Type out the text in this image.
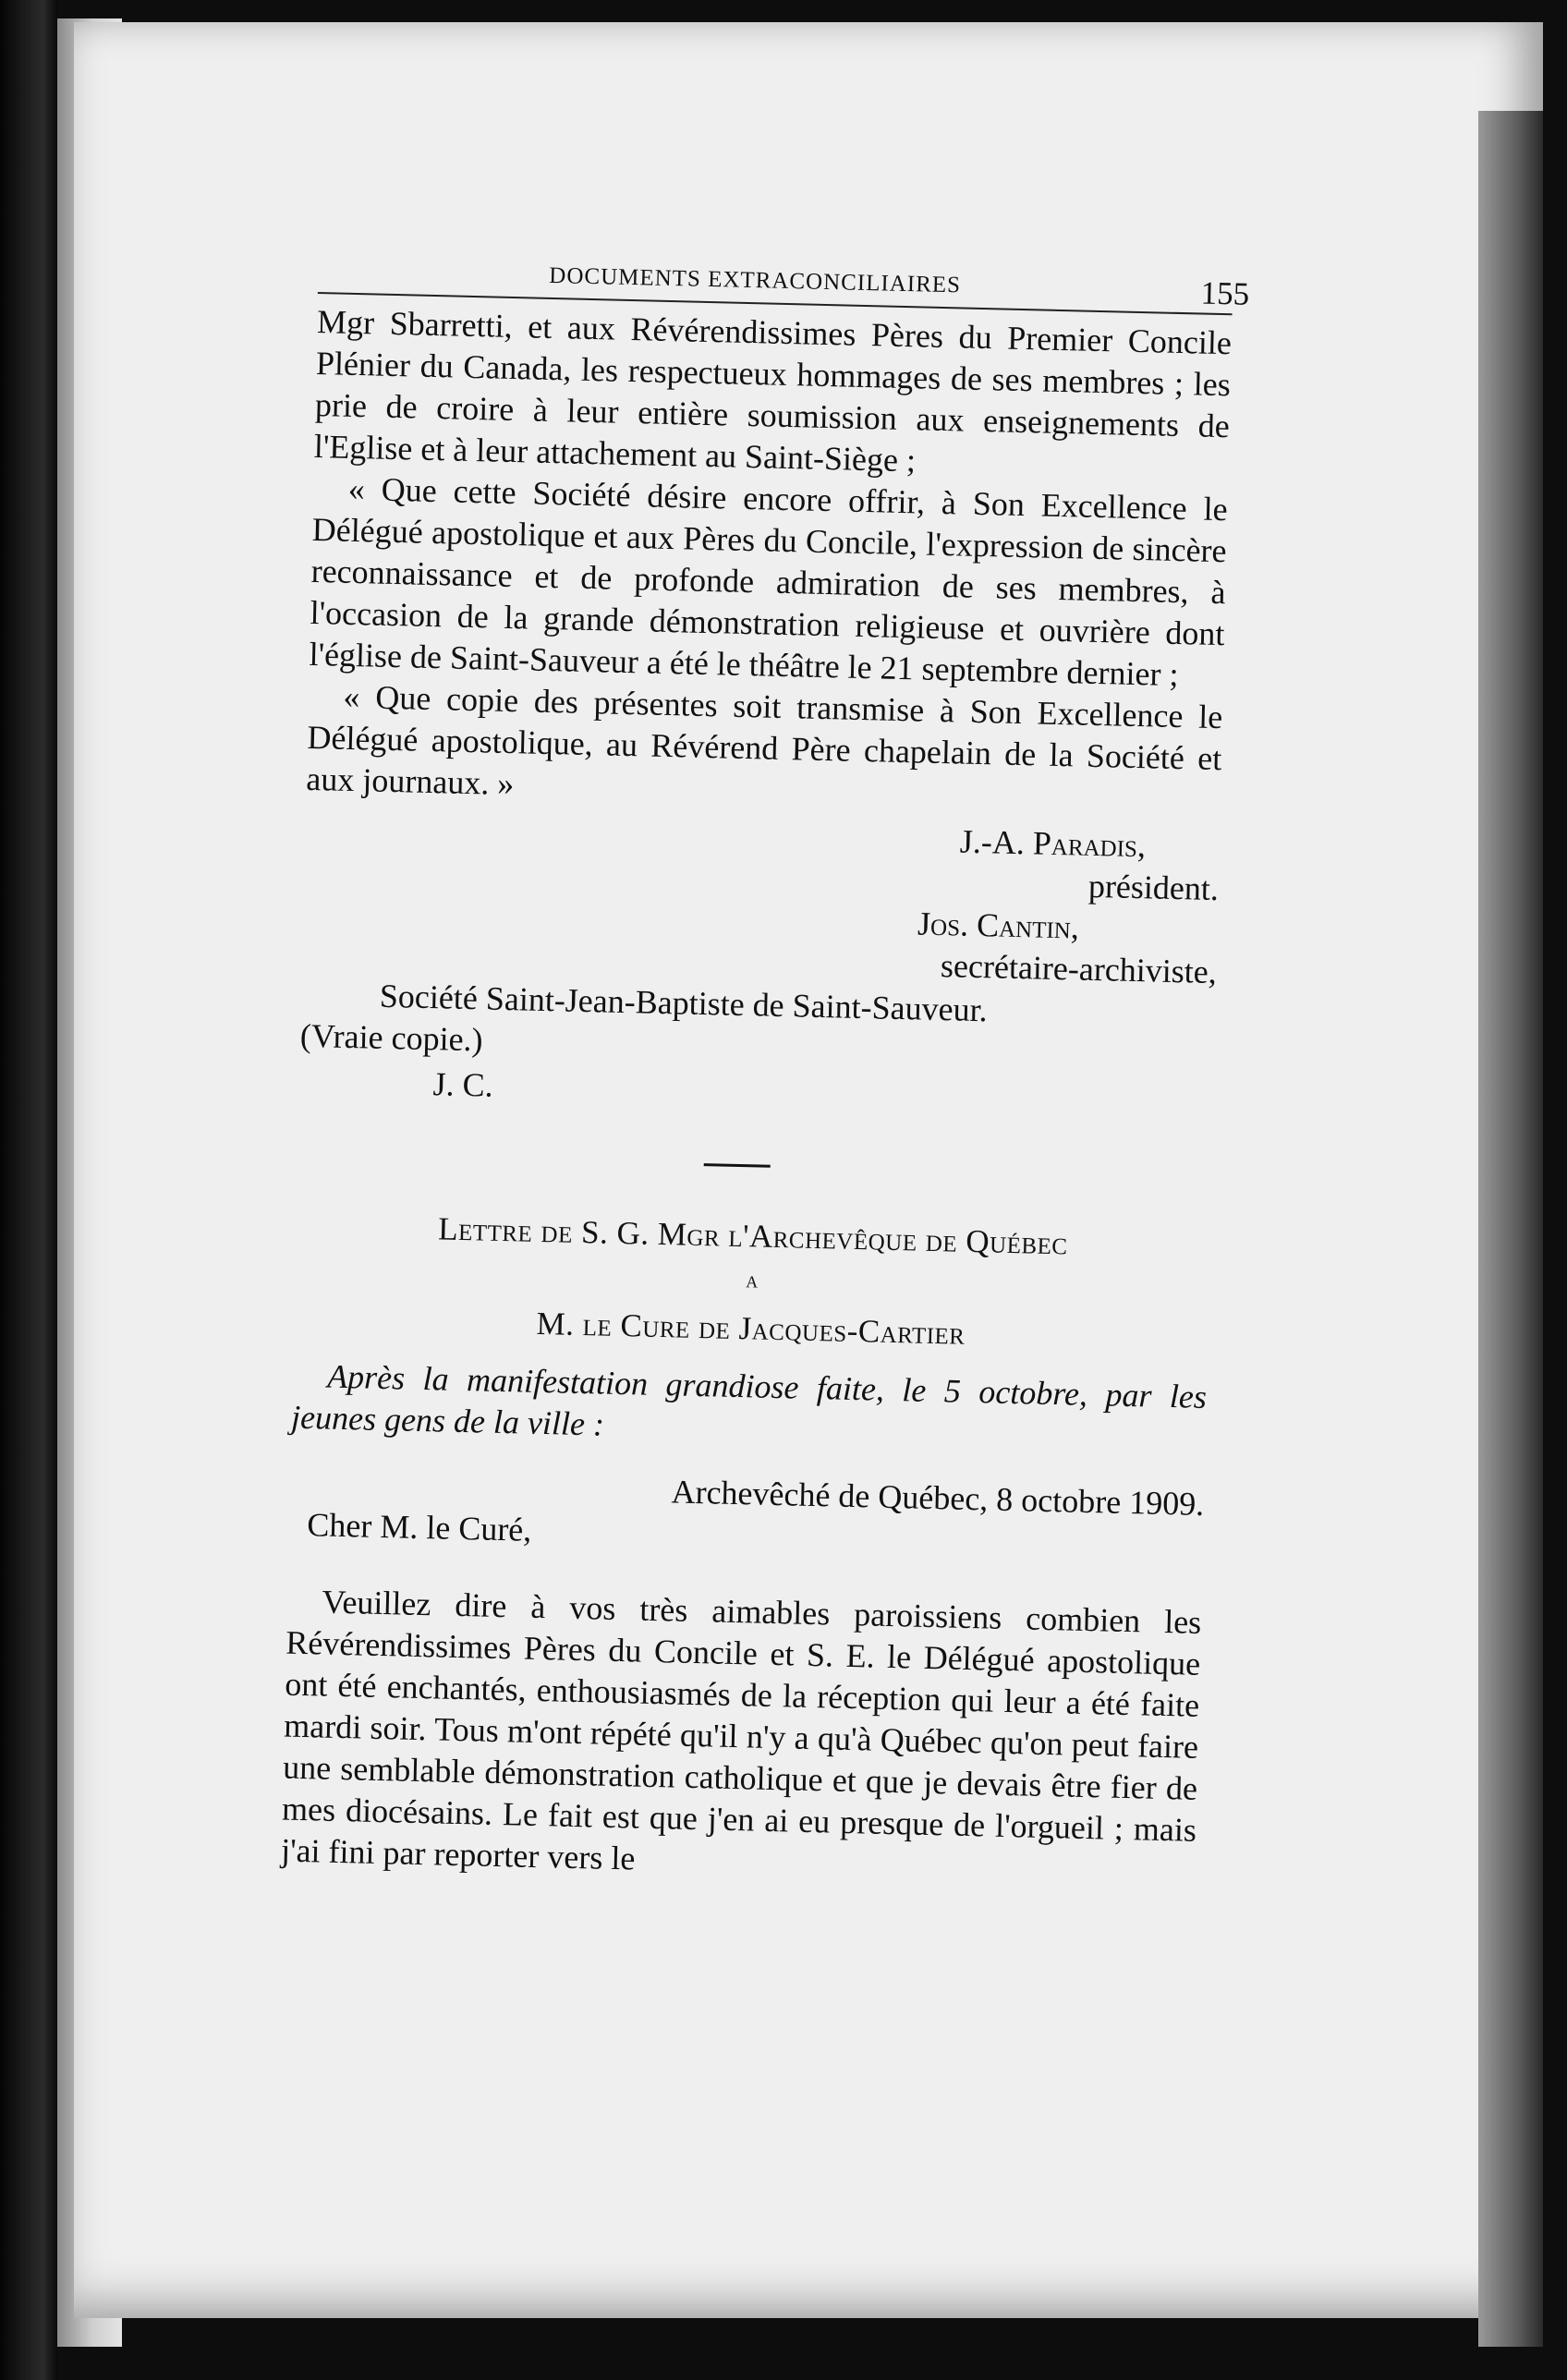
DOCUMENTS EXTRACONCILIAIRES	155

Mgr Sbarretti, et aux Révérendissimes Pères du Premier Concile Plénier du Canada, les respectueux hommages de ses membres ; les prie de croire à leur entière soumission aux enseignements de l'Eglise et à leur attachement au Saint-Siège ;

« Que cette Société désire encore offrir, à Son Excellence le Délégué apostolique et aux Pères du Concile, l'expression de sincère reconnaissance et de profonde admiration de ses membres, à l'occasion de la grande démonstration religieuse et ouvrière dont l'église de Saint-Sauveur a été le théâtre le 21 septembre dernier ;

« Que copie des présentes soit transmise à Son Excellence le Délégué apostolique, au Révérend Père chapelain de la Société et aux journaux. »

J.-A. Paradis,
président.
Jos. Cantin,
secrétaire-archiviste,
Société Saint-Jean-Baptiste de Saint-Sauveur.
(Vraie copie.)
J. C.
Lettre de S. G. Mgr l'Archevêque de Québec
a
M. le Cure de Jacques-Cartier

Après la manifestation grandiose faite, le 5 octobre, par les jeunes gens de la ville :

Archevêché de Québec, 8 octobre 1909.
Cher M. le Curé,

Veuillez dire à vos très aimables paroissiens combien les Révérendissimes Pères du Concile et S. E. le Délégué apostolique ont été enchantés, enthousiasmés de la réception qui leur a été faite mardi soir. Tous m'ont répété qu'il n'y a qu'à Québec qu'on peut faire une semblable démonstration catholique et que je devais être fier de mes diocésains. Le fait est que j'en ai eu presque de l'orgueil ; mais j'ai fini par reporter vers le
